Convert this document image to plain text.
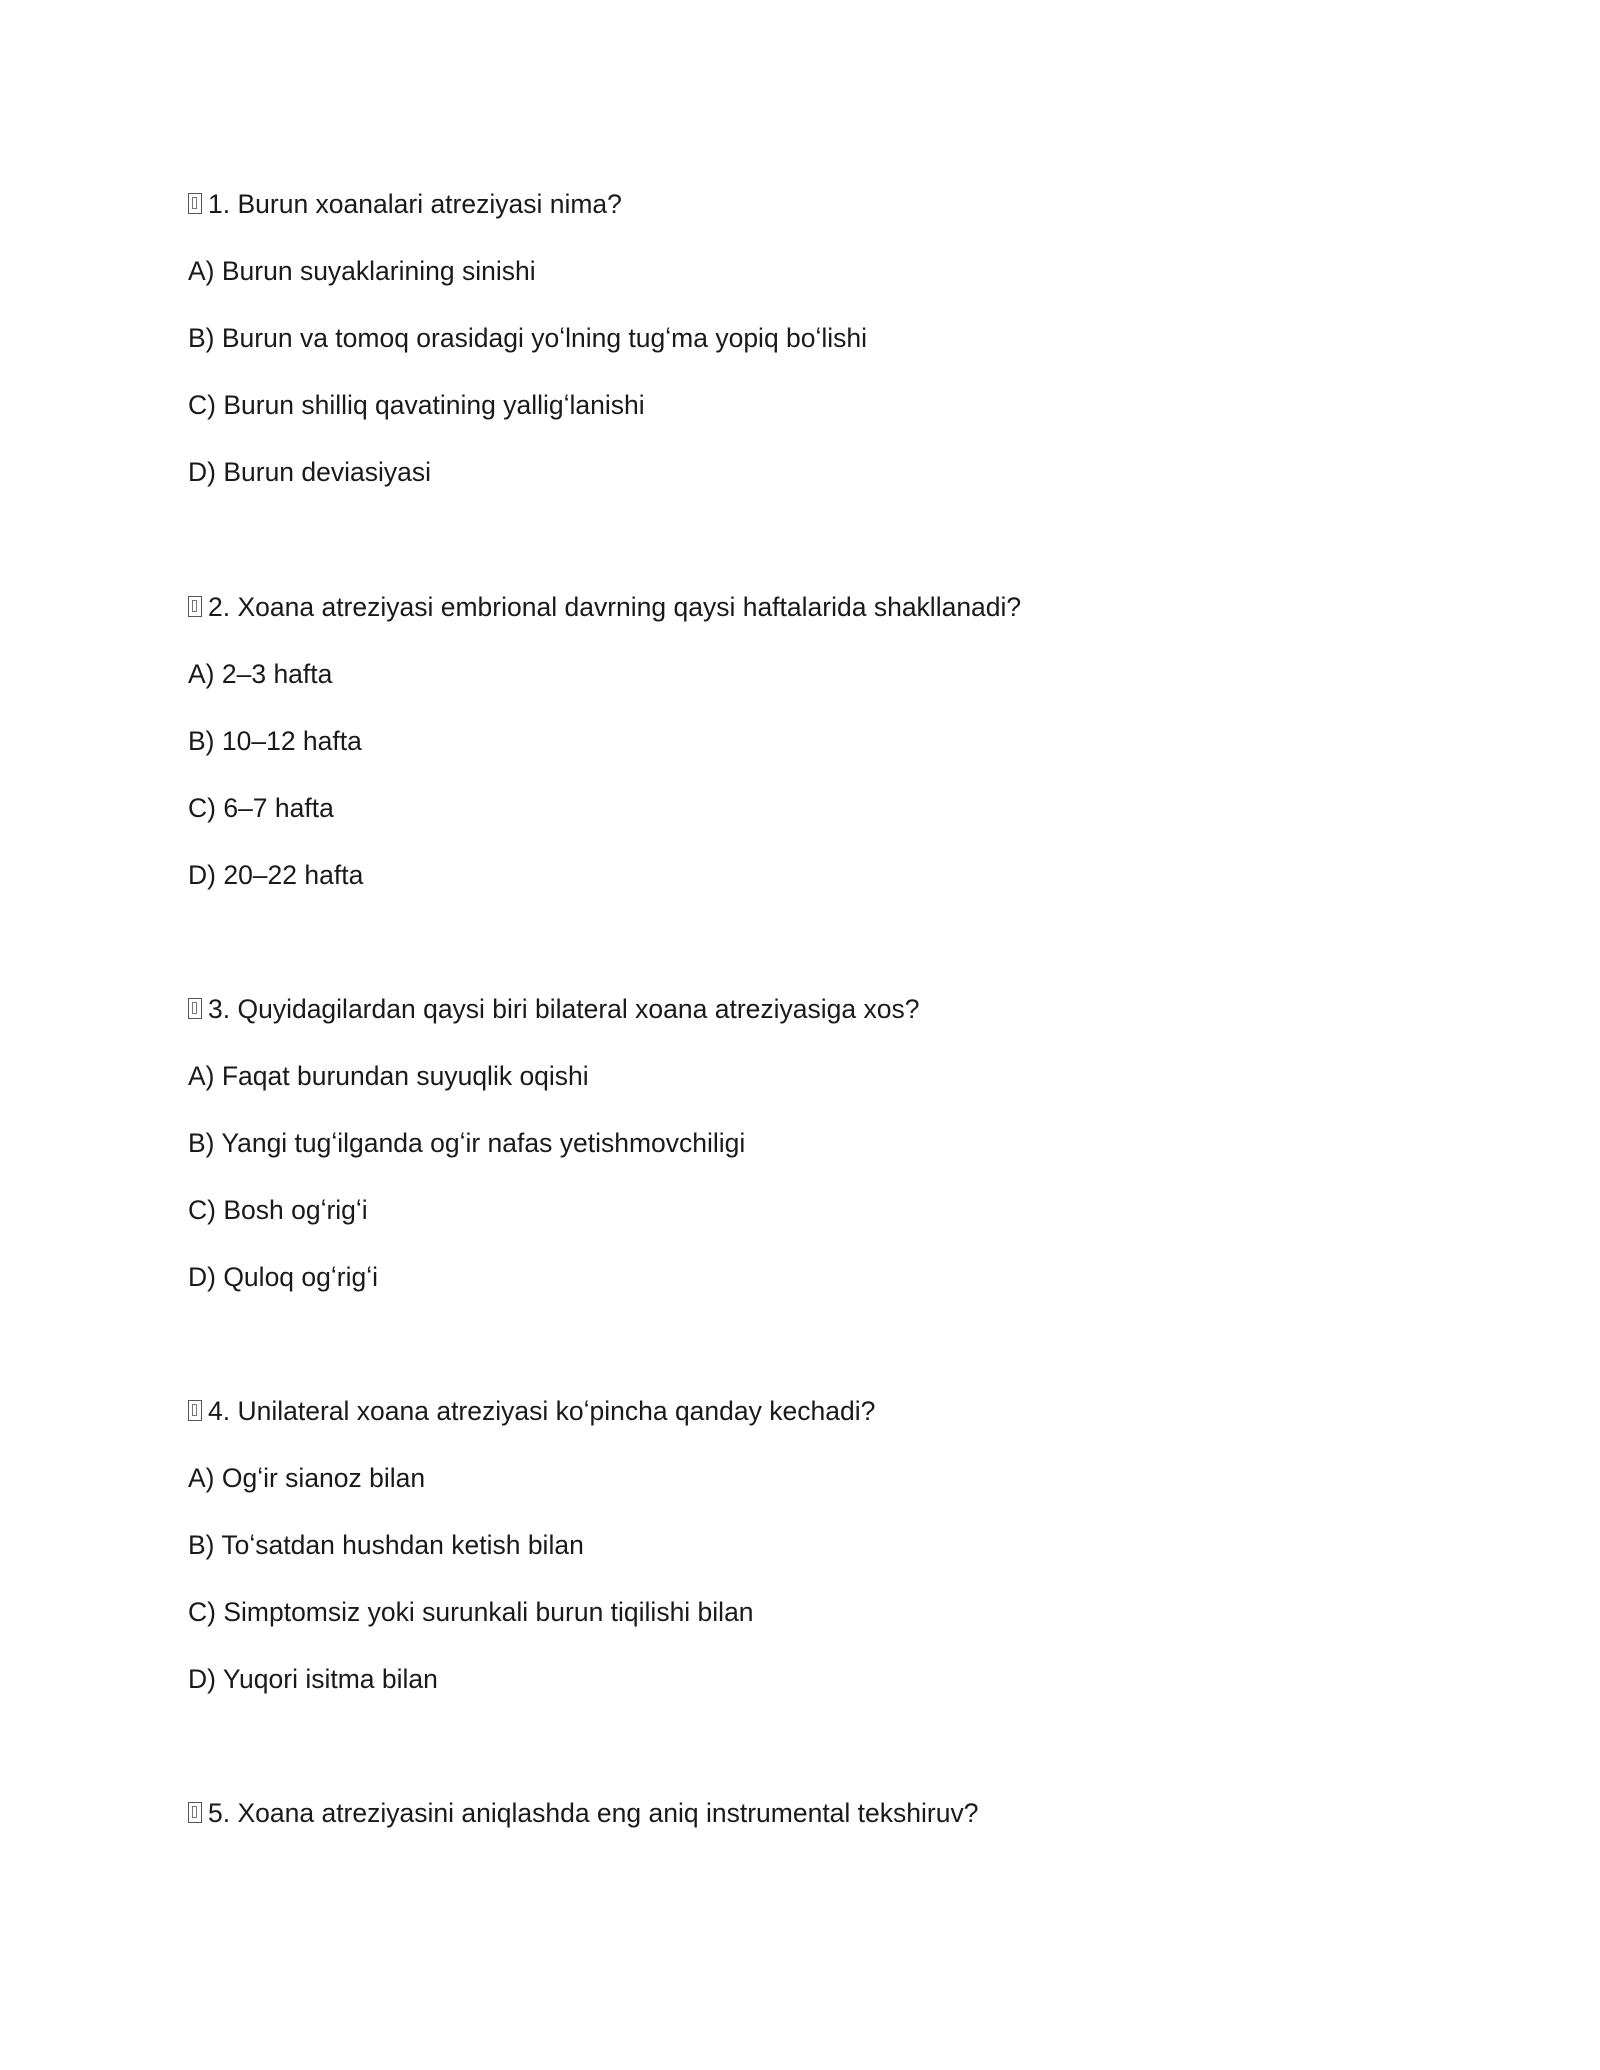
1. Burun xoanalari atreziyasi nima?
A) Burun suyaklarining sinishi
B) Burun va tomoq orasidagi yoʻlning tugʻma yopiq boʻlishi
C) Burun shilliq qavatining yalligʻlanishi
D) Burun deviasiyasi
2. Xoana atreziyasi embrional davrning qaysi haftalarida shakllanadi?
A) 2–3 hafta
B) 10–12 hafta
C) 6–7 hafta
D) 20–22 hafta
3. Quyidagilardan qaysi biri bilateral xoana atreziyasiga xos?
A) Faqat burundan suyuqlik oqishi
B) Yangi tugʻilganda ogʻir nafas yetishmovchiligi
C) Bosh ogʻrigʻi
D) Quloq ogʻrigʻi
4. Unilateral xoana atreziyasi koʻpincha qanday kechadi?
A) Ogʻir sianoz bilan
B) Toʻsatdan hushdan ketish bilan
C) Simptomsiz yoki surunkali burun tiqilishi bilan
D) Yuqori isitma bilan
5. Xoana atreziyasini aniqlashda eng aniq instrumental tekshiruv?
